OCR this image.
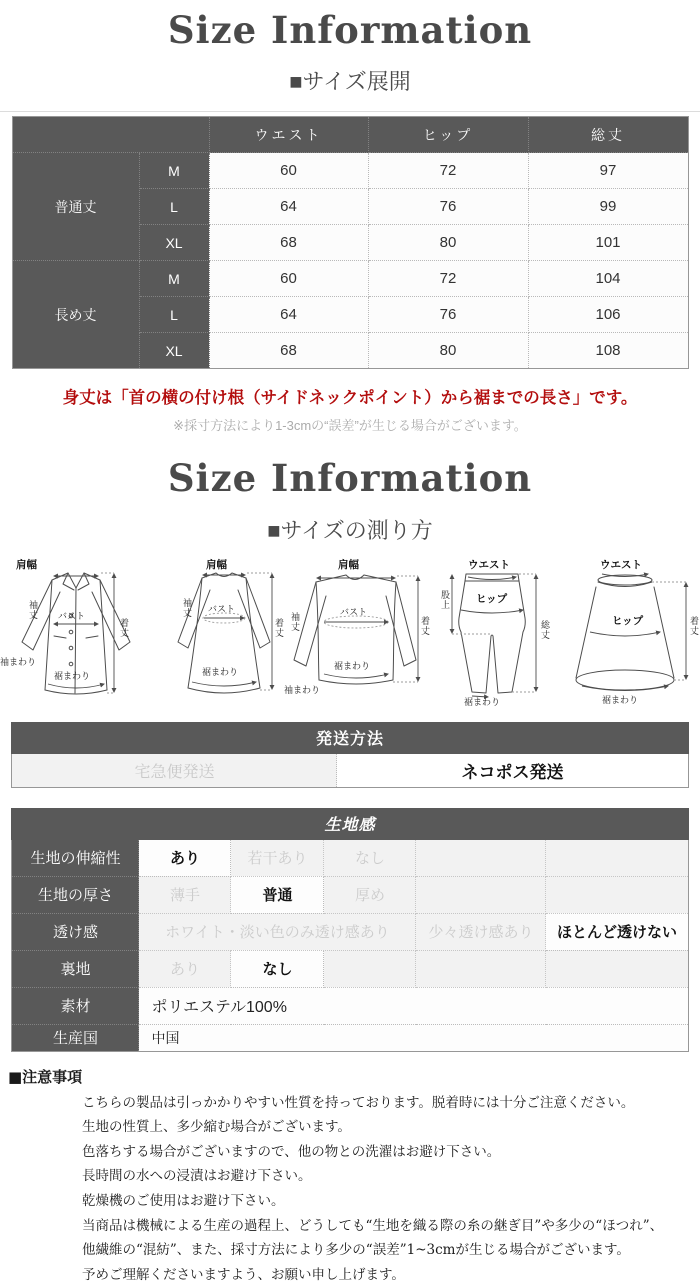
Size Information
■サイズ展開
		ウエスト	ヒップ	総丈
普通丈	M	60	72	97
	L	64	76	99
	XL	68	80	101
長め丈	M	60	72	104
	L	64	76	106
	XL	68	80	108
身丈は「首の横の付け根（サイドネックポイント）から裾までの長さ」です。
※採寸方法により1-3cmの“誤差”が生じる場合がございます。
Size Information
■サイズの測り方
肩幅
袖丈 バスト
袖まわり
裾まわり
着丈
肩幅
袖丈 バスト
裾まわり
着丈
肩幅
袖丈	バスト
袖まわり
裾まわり
着丈
ウエスト
股上 ヒップ
裾まわり
総丈
ウエスト
ヒップ
裾まわり
着丈
発送方法
宅急便発送	ネコポス発送
生地感					
生地の伸縮性	あり	若干あり	なし		
生地の厚さ	薄手	普通	厚め		
透け感	ホワイト・淡い色のみ透け感あり			少々透け感あり	ほとんど透けない
裏地	あり	なし			
素材	ポリエステル100%				
生産国	中国				
■注意事項
こちらの製品は引っかかりやすい性質を持っております。脱着時には十分ご注意ください。
生地の性質上、多少縮む場合がございます。
色落ちする場合がございますので、他の物との洗濯はお避け下さい。
長時間の水への浸漬はお避け下さい。
乾燥機のご使用はお避け下さい。
当商品は機械による生産の過程上、どうしても“生地を織る際の糸の継ぎ目”や多少の“ほつれ”、
他繊維の“混紡”、また、採寸方法により多少の“誤差”1~3cmが生じる場合がございます。
予めご理解くださいますよう、お願い申し上げます。
